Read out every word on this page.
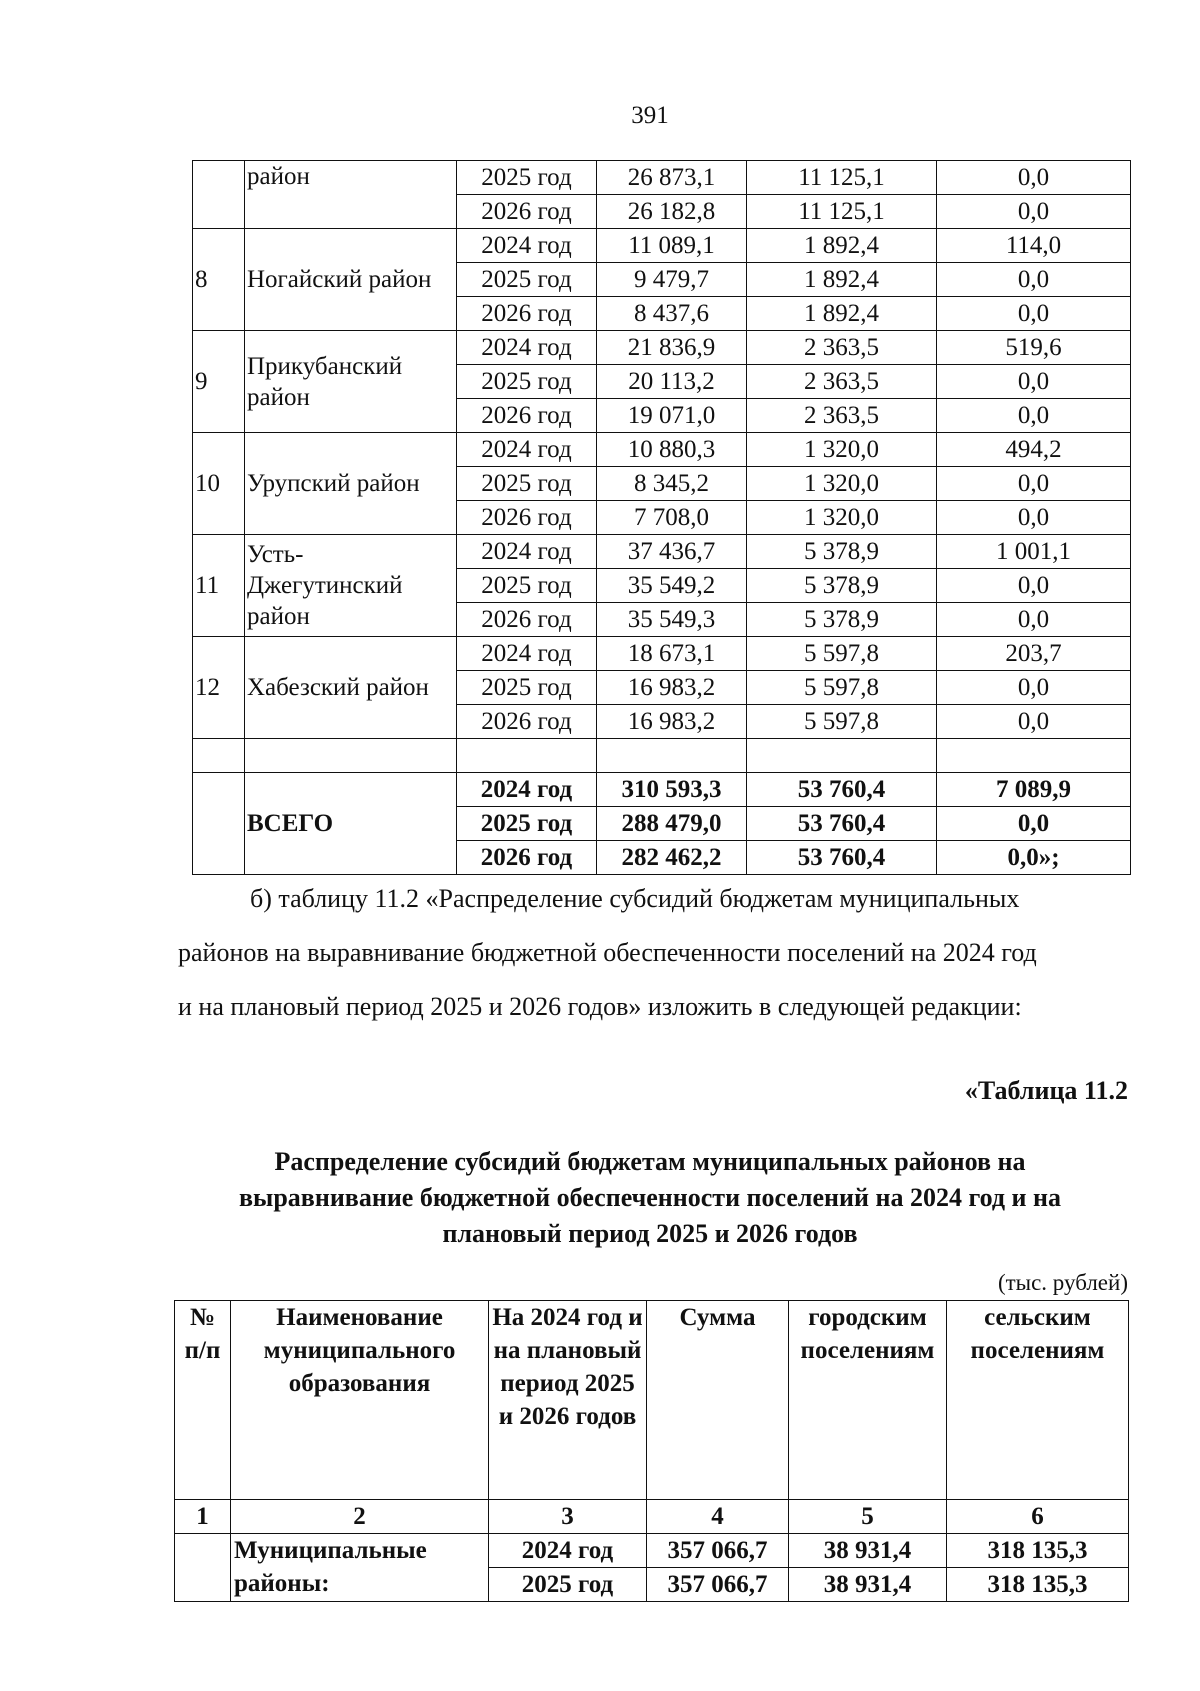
391
	район	2025 год	26 873,1	11 125,1	0,0
		2026 год	26 182,8	11 125,1	0,0
8	Ногайский район	2024 год	11 089,1	1 892,4	114,0
		2025 год	9 479,7	1 892,4	0,0
		2026 год	8 437,6	1 892,4	0,0
9	Прикубанский район	2024 год	21 836,9	2 363,5	519,6
		2025 год	20 113,2	2 363,5	0,0
		2026 год	19 071,0	2 363,5	0,0
10	Урупский район	2024 год	10 880,3	1 320,0	494,2
		2025 год	8 345,2	1 320,0	0,0
		2026 год	7 708,0	1 320,0	0,0
11	Усть-Джегутинский район	2024 год	37 436,7	5 378,9	1 001,1
		2025 год	35 549,2	5 378,9	0,0
		2026 год	35 549,3	5 378,9	0,0
12	Хабезский район	2024 год	18 673,1	5 597,8	203,7
		2025 год	16 983,2	5 597,8	0,0
		2026 год	16 983,2	5 597,8	0,0

	ВСЕГО	2024 год	310 593,3	53 760,4	7 089,9
		2025 год	288 479,0	53 760,4	0,0
		2026 год	282 462,2	53 760,4	0,0»;
б) таблицу 11.2 «Распределение субсидий бюджетам муниципальных
районов на выравнивание бюджетной обеспеченности поселений на 2024 год
и на плановый период 2025 и 2026 годов» изложить в следующей редакции:
«Таблица 11.2
Распределение субсидий бюджетам муниципальных районов на
выравнивание бюджетной обеспеченности поселений на 2024 год и на
плановый период 2025 и 2026 годов
(тыс. рублей)
№ п/п	Наименование муниципального образования	На 2024 год и на плановый период 2025 и 2026 годов	Сумма	городским поселениям	сельским поселениям
1	2	3	4	5	6
	Муниципальные районы:	2024 год	357 066,7	38 931,4	318 135,3
		2025 год	357 066,7	38 931,4	318 135,3
